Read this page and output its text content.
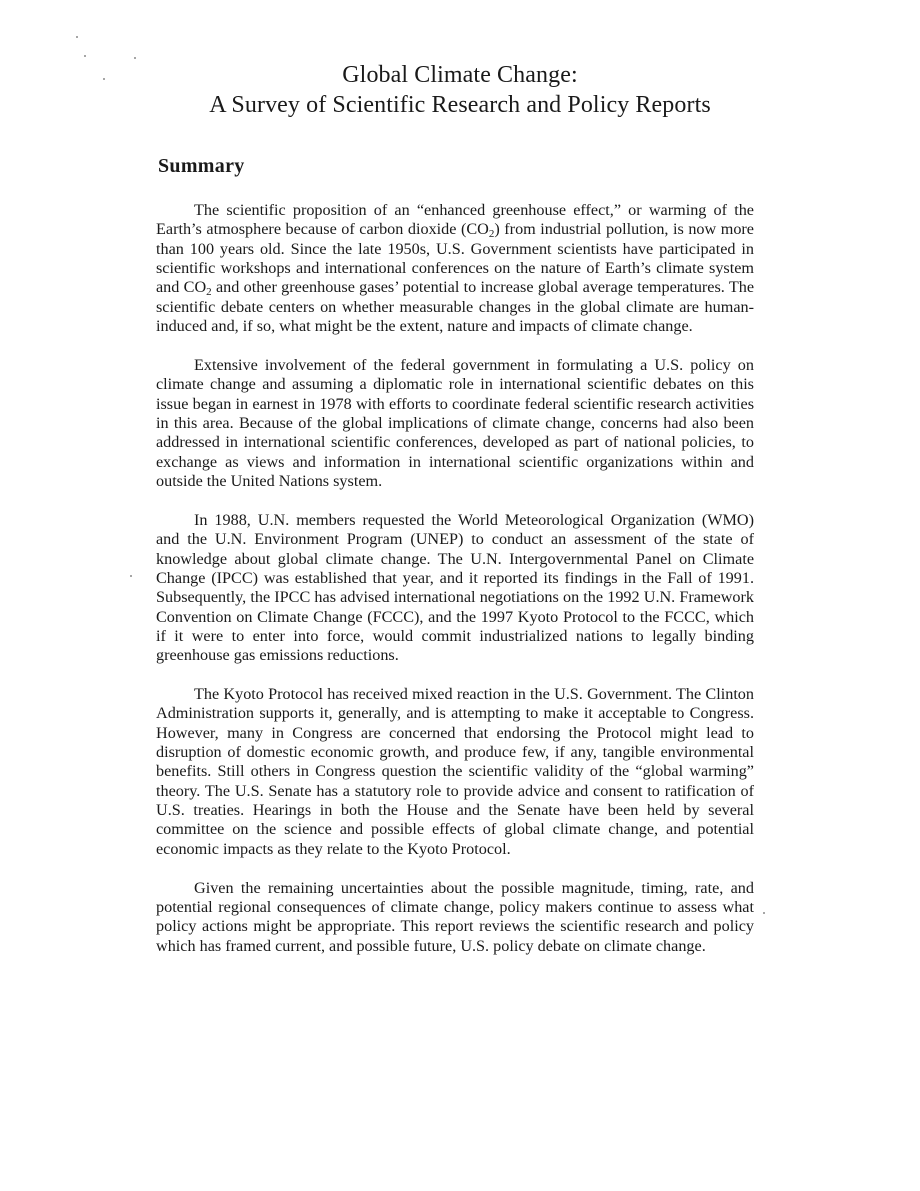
Global Climate Change:
A Survey of Scientific Research and Policy Reports
Summary

The scientific proposition of an “enhanced greenhouse effect,” or warming of the Earth’s atmosphere because of carbon dioxide $(CO_2)$ from industrial pollution, is now more than 100 years old. Since the late 1950s, U.S. Government scientists have participated in scientific workshops and international conferences on the nature of Earth’s climate system and $CO_2$ and other greenhouse gases’ potential to increase global average temperatures. The scientific debate centers on whether measurable changes in the global climate are human-induced and, if so, what might be the extent, nature and impacts of climate change.

Extensive involvement of the federal government in formulating a U.S. policy on climate change and assuming a diplomatic role in international scientific debates on this issue began in earnest in 1978 with efforts to coordinate federal scientific research activities in this area. Because of the global implications of climate change, concerns had also been addressed in international scientific conferences, developed as part of national policies, to exchange as views and information in international scientific organizations within and outside the United Nations system.

In 1988, U.N. members requested the World Meteorological Organization (WMO) and the U.N. Environment Program (UNEP) to conduct an assessment of the state of knowledge about global climate change. The U.N. Intergovernmental Panel on Climate Change (IPCC) was established that year, and it reported its findings in the Fall of 1991. Subsequently, the IPCC has advised international negotiations on the 1992 U.N. Framework Convention on Climate Change (FCCC), and the 1997 Kyoto Protocol to the FCCC, which if it were to enter into force, would commit industrialized nations to legally binding greenhouse gas emissions reductions.

The Kyoto Protocol has received mixed reaction in the U.S. Government. The Clinton Administration supports it, generally, and is attempting to make it acceptable to Congress. However, many in Congress are concerned that endorsing the Protocol might lead to disruption of domestic economic growth, and produce few, if any, tangible environmental benefits. Still others in Congress question the scientific validity of the “global warming” theory. The U.S. Senate has a statutory role to provide advice and consent to ratification of U.S. treaties. Hearings in both the House and the Senate have been held by several committee on the science and possible effects of global climate change, and potential economic impacts as they relate to the Kyoto Protocol.

Given the remaining uncertainties about the possible magnitude, timing, rate, and potential regional consequences of climate change, policy makers continue to assess what policy actions might be appropriate. This report reviews the scientific research and policy which has framed current, and possible future, U.S. policy debate on climate change.
